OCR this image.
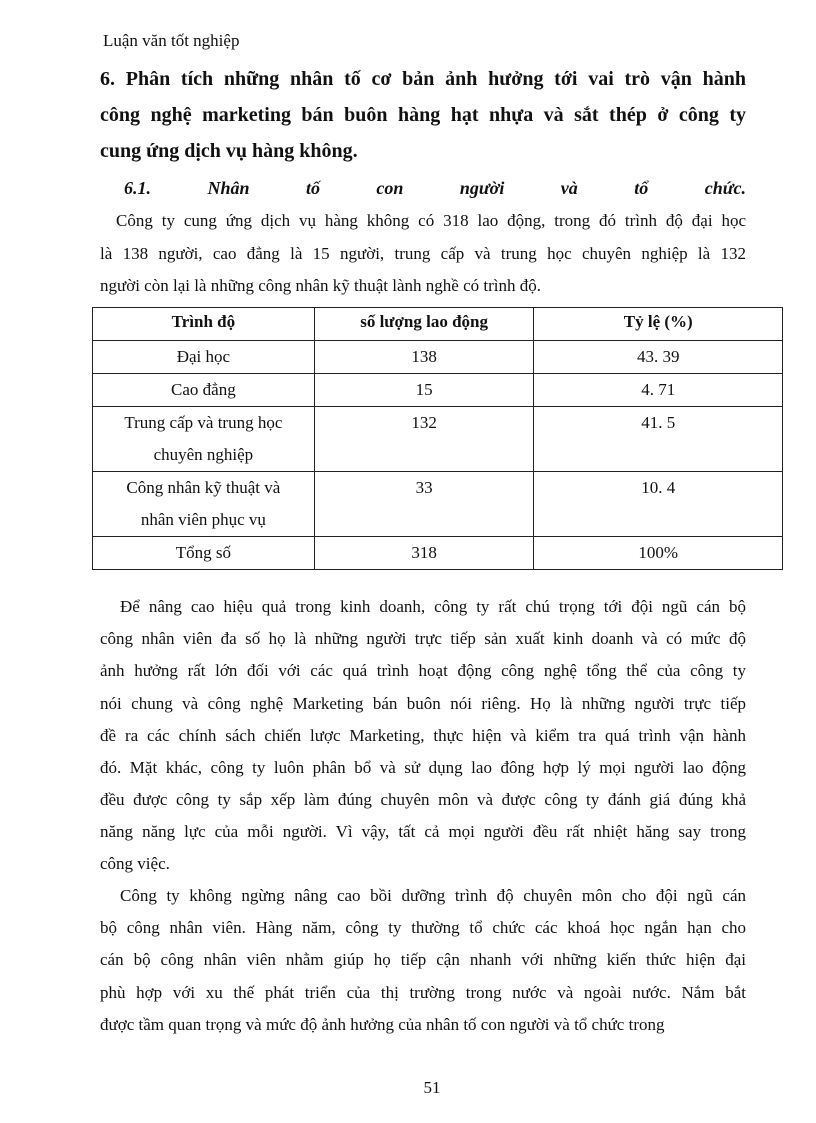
Luận văn tốt nghiệp
6. Phân tích những nhân tố cơ bản ảnh hưởng tới vai trò vận hành
công nghệ marketing bán buôn hàng hạt nhựa và sắt thép ở công ty
cung ứng dịch vụ hàng không.
6.1.	Nhân	tố	con	người	và	tổ	chức.
Công ty cung ứng dịch vụ hàng không có 318 lao động, trong đó trình độ đại học
là 138 người, cao đẳng là 15 người, trung cấp và trung học chuyên nghiệp là 132
người còn lại là những công nhân kỹ thuật lành nghề có trình độ.
Trình độ	số lượng lao động	Tỷ lệ (%)

Đại học	138	43. 39

Cao đẳng	15	4. 71

Trung cấp và trung học
chuyên nghiệp	132	41. 5

Công nhân kỹ thuật và
nhân viên phục vụ	33	10. 4

Tổng số	318	100%
Để nâng cao hiệu quả trong kinh doanh, công ty rất chú trọng tới đội ngũ cán bộ
công nhân viên đa số họ là những người trực tiếp sản xuất kinh doanh và có mức độ
ảnh hưởng rất lớn đối với các quá trình hoạt động công nghệ tổng thể của công ty
nói chung và công nghệ Marketing bán buôn nói riêng. Họ là những người trực tiếp
đề ra các chính sách chiến lược Marketing, thực hiện và kiểm tra quá trình vận hành
đó. Mặt khác, công ty luôn phân bổ và sử dụng lao đông hợp lý mọi người lao động
đều được công ty sắp xếp làm đúng chuyên môn và được công ty đánh giá đúng khả
năng năng lực của mỗi người. Vì vậy, tất cả mọi người đều rất nhiệt hăng say trong
công việc.
Công ty không ngừng nâng cao bồi dưỡng trình độ chuyên môn cho đội ngũ cán
bộ công nhân viên. Hàng năm, công ty thường tổ chức các khoá học ngắn hạn cho
cán bộ công nhân viên nhằm giúp họ tiếp cận nhanh với những kiến thức hiện đại
phù hợp với xu thế phát triển của thị trường trong nước và ngoài nước. Nắm bắt
được tầm quan trọng và mức độ ảnh hưởng của nhân tố con người và tổ chức trong
51
